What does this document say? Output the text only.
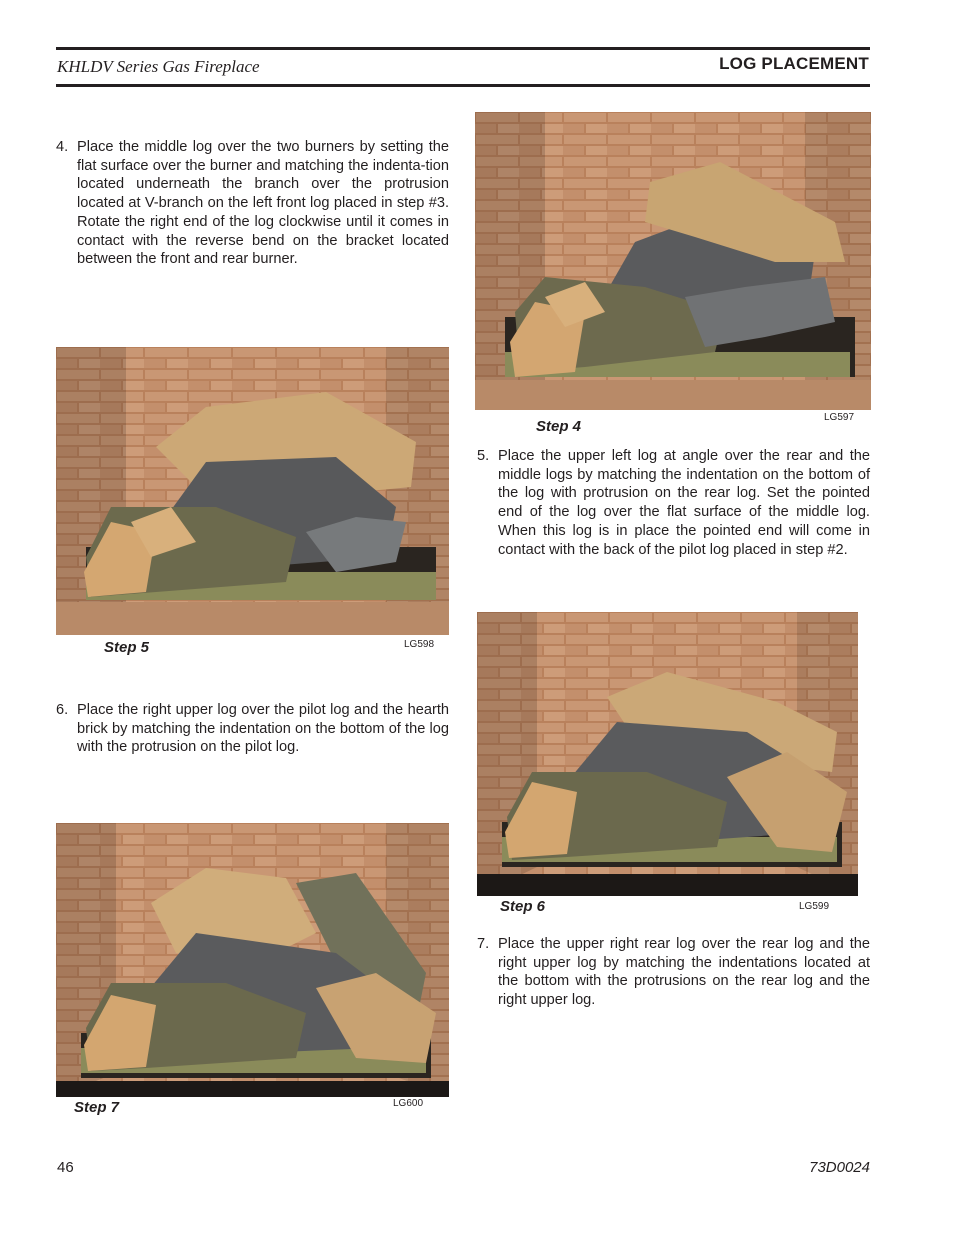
KHLDV Series Gas Fireplace	LOG PLACEMENT
4. Place the middle log over the two burners by setting the flat surface over the burner and matching the indenta-tion located underneath the branch over the protrusion located at V-branch on the left front log placed in step #3. Rotate the right end of the log clockwise until it comes in contact with the reverse bend on the bracket located between the front and rear burner.
Step 4
LG597
5. Place the upper left log at angle over the rear and the middle logs by matching the indentation on the bottom of the log with protrusion on the rear log. Set the pointed end of the log over the flat surface of the middle log. When this log is in place the pointed end will come in contact with the back of the pilot log placed in step #2.
Step 5	LG598
Step 6	LG599
6. Place the right upper log over the pilot log and the hearth brick by matching the indentation on the bottom of the log with the protrusion on the pilot log.
Step 7	LG600
7. Place the upper right rear log over the rear log and the right upper log by matching the indentations located at the bottom with the protrusions on the rear log and the right upper log.
46	73D0024
